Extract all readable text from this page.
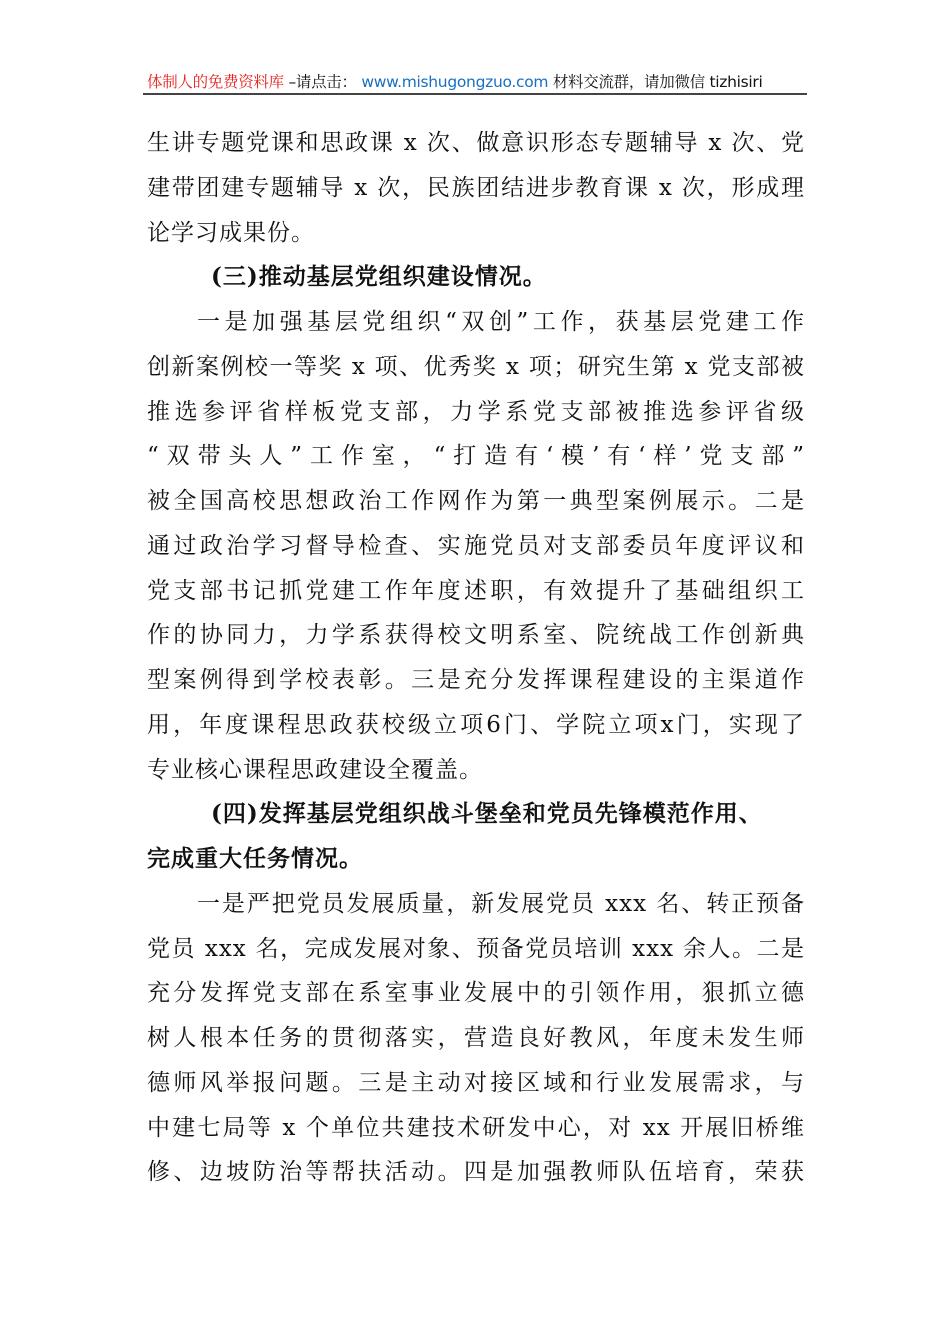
体制人的免费资料库 –请点击： www.mishugongzuo.com 材料交流群，请加微信 tizhisiri
生讲专题党课和思政课 x 次、做意识形态专题辅导 x 次、党
建带团建专题辅导 x 次，民族团结进步教育课 x 次，形成理
论学习成果份。
(三)推动基层党组织建设情况。
一是加强基层党组织“双创”工作，获基层党建工作
创新案例校一等奖 x 项、优秀奖 x 项；研究生第 x 党支部被
推选参评省样板党支部，力学系党支部被推选参评省级
“双带头人”工作室，“打造有‘模’有‘样’党支部”
被全国高校思想政治工作网作为第一典型案例展示。二是
通过政治学习督导检查、实施党员对支部委员年度评议和
党支部书记抓党建工作年度述职，有效提升了基础组织工
作的协同力，力学系获得校文明系室、院统战工作创新典
型案例得到学校表彰。三是充分发挥课程建设的主渠道作
用，年度课程思政获校级立项6门、学院立项x门，实现了
专业核心课程思政建设全覆盖。
(四)发挥基层党组织战斗堡垒和党员先锋模范作用、
完成重大任务情况。
一是严把党员发展质量，新发展党员 xxx 名、转正预备
党员 xxx 名，完成发展对象、预备党员培训 xxx 余人。二是
充分发挥党支部在系室事业发展中的引领作用，狠抓立德
树人根本任务的贯彻落实，营造良好教风，年度未发生师
德师风举报问题。三是主动对接区域和行业发展需求，与
中建七局等 x 个单位共建技术研发中心，对 xx 开展旧桥维
修、边坡防治等帮扶活动。四是加强教师队伍培育，荣获
